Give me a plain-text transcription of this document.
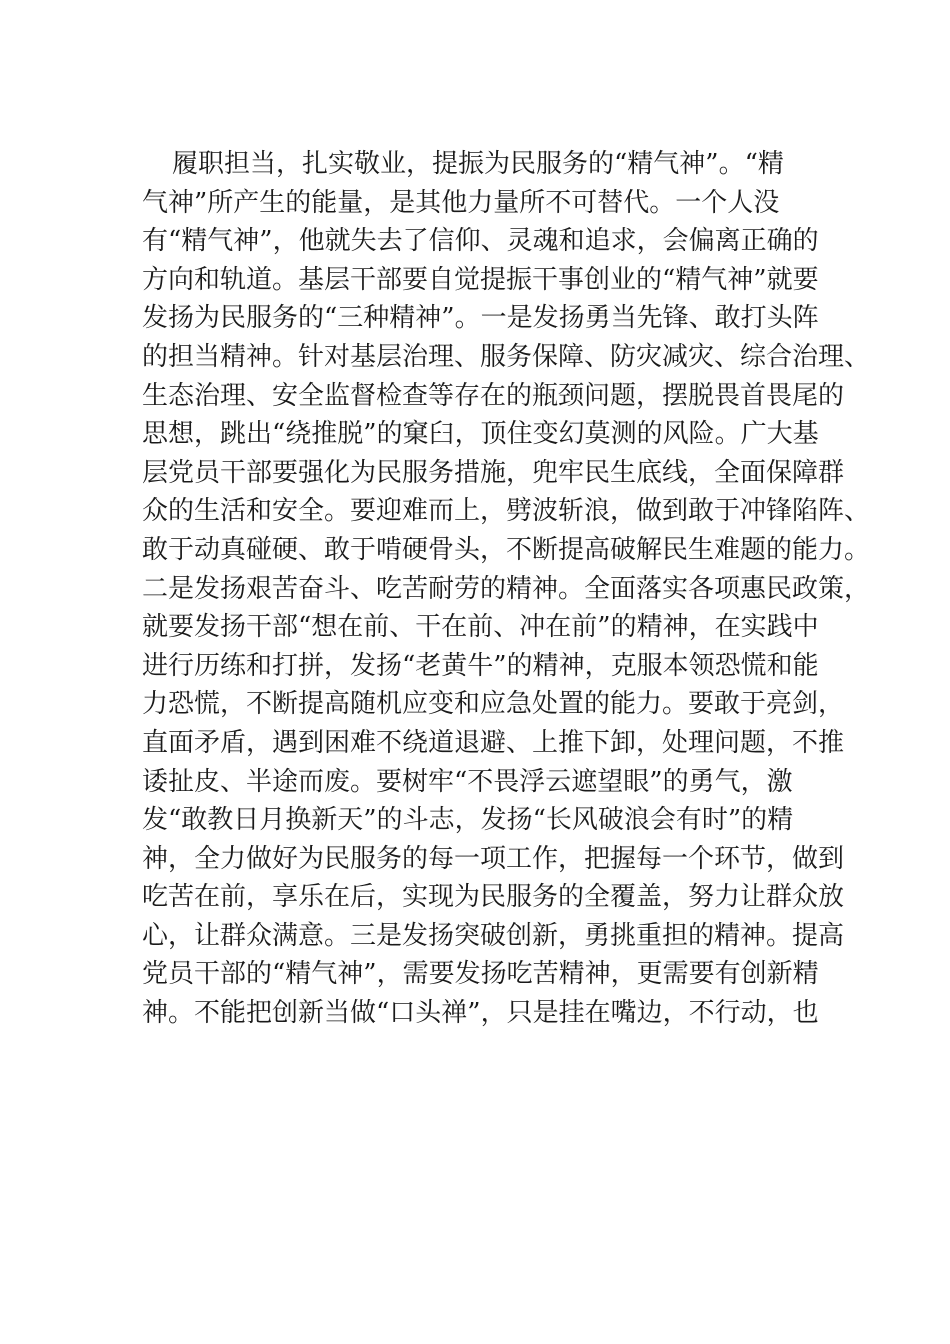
履职担当，扎实敬业，提振为民服务的“精气神”。“精
气神”所产生的能量，是其他力量所不可替代。一个人没
有“精气神”，他就失去了信仰、灵魂和追求，会偏离正确的
方向和轨道。基层干部要自觉提振干事创业的“精气神”就要
发扬为民服务的“三种精神”。一是发扬勇当先锋、敢打头阵
的担当精神。针对基层治理、服务保障、防灾减灾、综合治理、
生态治理、安全监督检查等存在的瓶颈问题，摆脱畏首畏尾的
思想，跳出“绕推脱”的窠臼，顶住变幻莫测的风险。广大基
层党员干部要强化为民服务措施，兜牢民生底线，全面保障群
众的生活和安全。要迎难而上，劈波斩浪，做到敢于冲锋陷阵、
敢于动真碰硬、敢于啃硬骨头，不断提高破解民生难题的能力。
二是发扬艰苦奋斗、吃苦耐劳的精神。全面落实各项惠民政策，
就要发扬干部“想在前、干在前、冲在前”的精神，在实践中
进行历练和打拼，发扬“老黄牛”的精神，克服本领恐慌和能
力恐慌，不断提高随机应变和应急处置的能力。要敢于亮剑，
直面矛盾，遇到困难不绕道退避、上推下卸，处理问题，不推
诿扯皮、半途而废。要树牢“不畏浮云遮望眼”的勇气，激
发“敢教日月换新天”的斗志，发扬“长风破浪会有时”的精
神，全力做好为民服务的每一项工作，把握每一个环节，做到
吃苦在前，享乐在后，实现为民服务的全覆盖，努力让群众放
心，让群众满意。三是发扬突破创新，勇挑重担的精神。提高
党员干部的“精气神”，需要发扬吃苦精神，更需要有创新精
神。不能把创新当做“口头禅”，只是挂在嘴边，不行动，也
